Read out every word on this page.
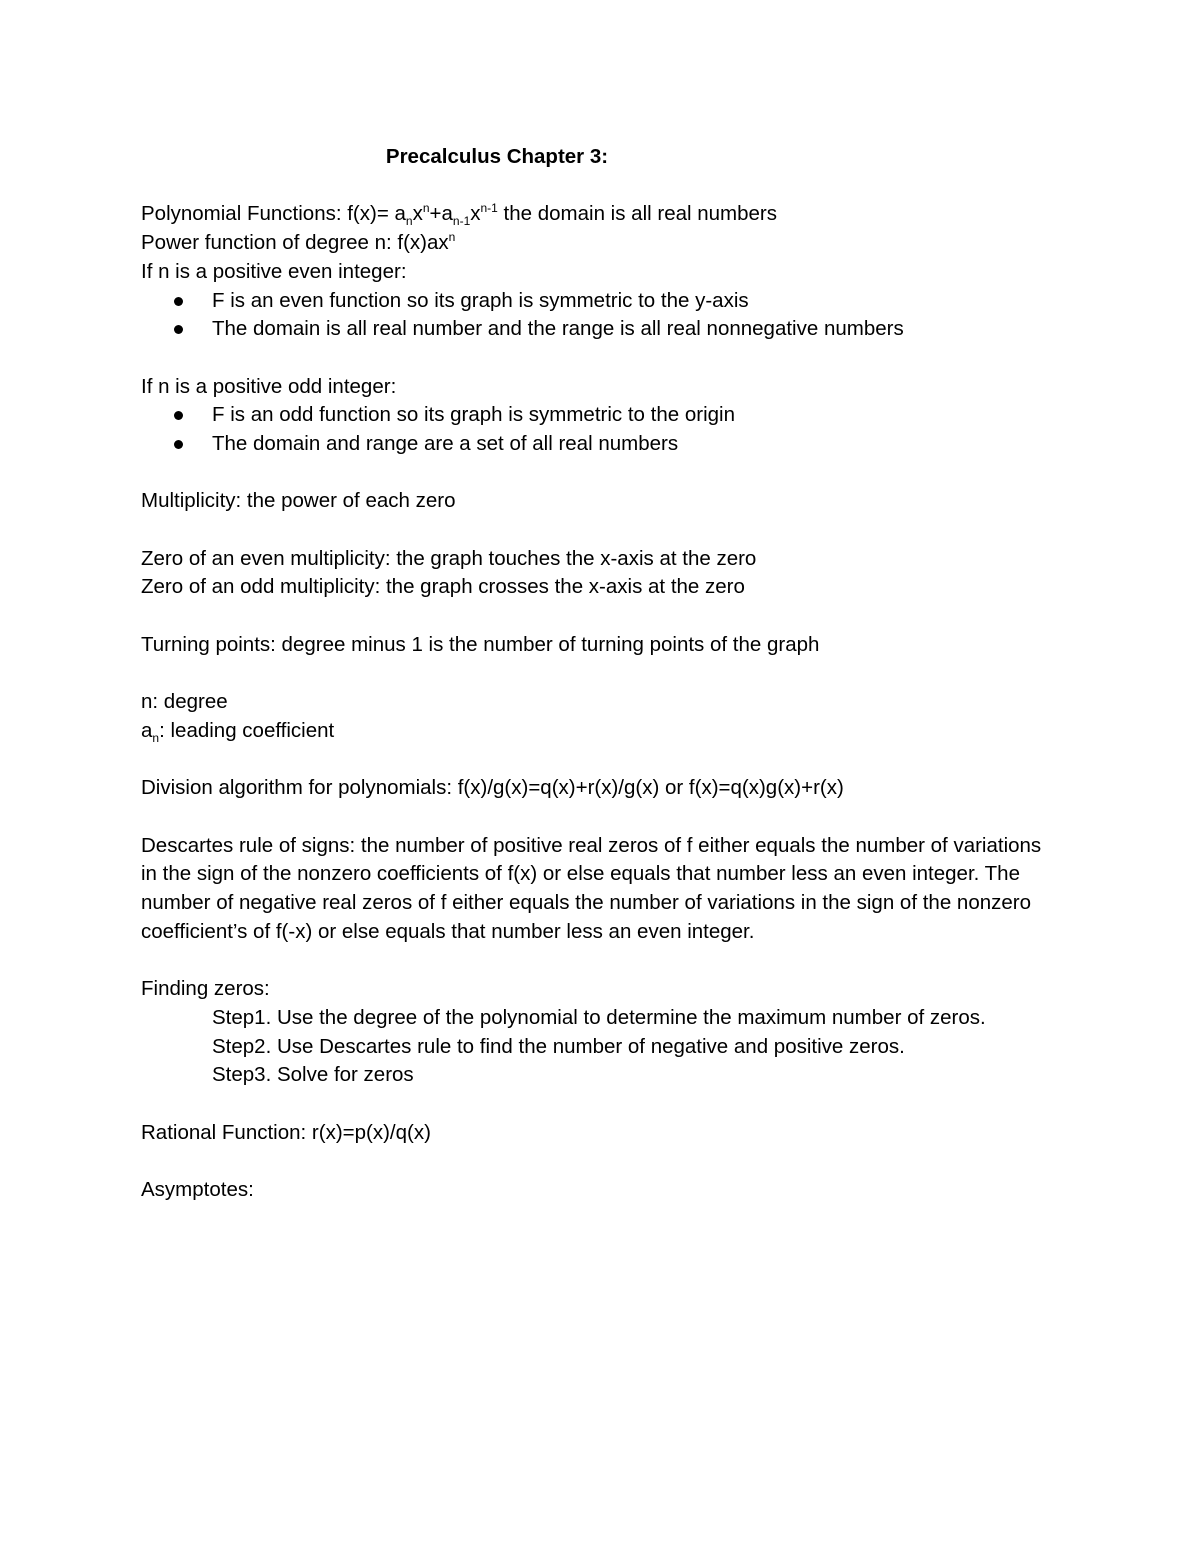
Precalculus Chapter 3:

Polynomial Functions: $f(x)= a_nx^n+a_{n-1}x^{n-1}$ the domain is all real numbers

Power function of degree n: $f(x)ax^n$

If n is a positive even integer:

F is an even function so its graph is symmetric to the y-axis
The domain is all real number and the range is all real nonnegative numbers

If n is a positive odd integer:

F is an odd function so its graph is symmetric to the origin
The domain and range are a set of all real numbers

Multiplicity: the power of each zero

Zero of an even multiplicity: the graph touches the x-axis at the zero

Zero of an odd multiplicity: the graph crosses the x-axis at the zero

Turning points: degree minus 1 is the number of turning points of the graph

n: degree

$a_n$: leading coefficient

Division algorithm for polynomials: f(x)/g(x)=q(x)+r(x)/g(x) or f(x)=q(x)g(x)+r(x)

Descartes rule of signs: the number of positive real zeros of f either equals the number of variations in the sign of the nonzero coefficients of f(x) or else equals that number less an even integer. The number of negative real zeros of f either equals the number of variations in the sign of the nonzero coefficient’s of f(-x) or else equals that number less an even integer.

Finding zeros:

Step1. Use the degree of the polynomial to determine the maximum number of zeros.

Step2. Use Descartes rule to find the number of negative and positive zeros.

Step3. Solve for zeros

Rational Function: r(x)=p(x)/q(x)

Asymptotes:
